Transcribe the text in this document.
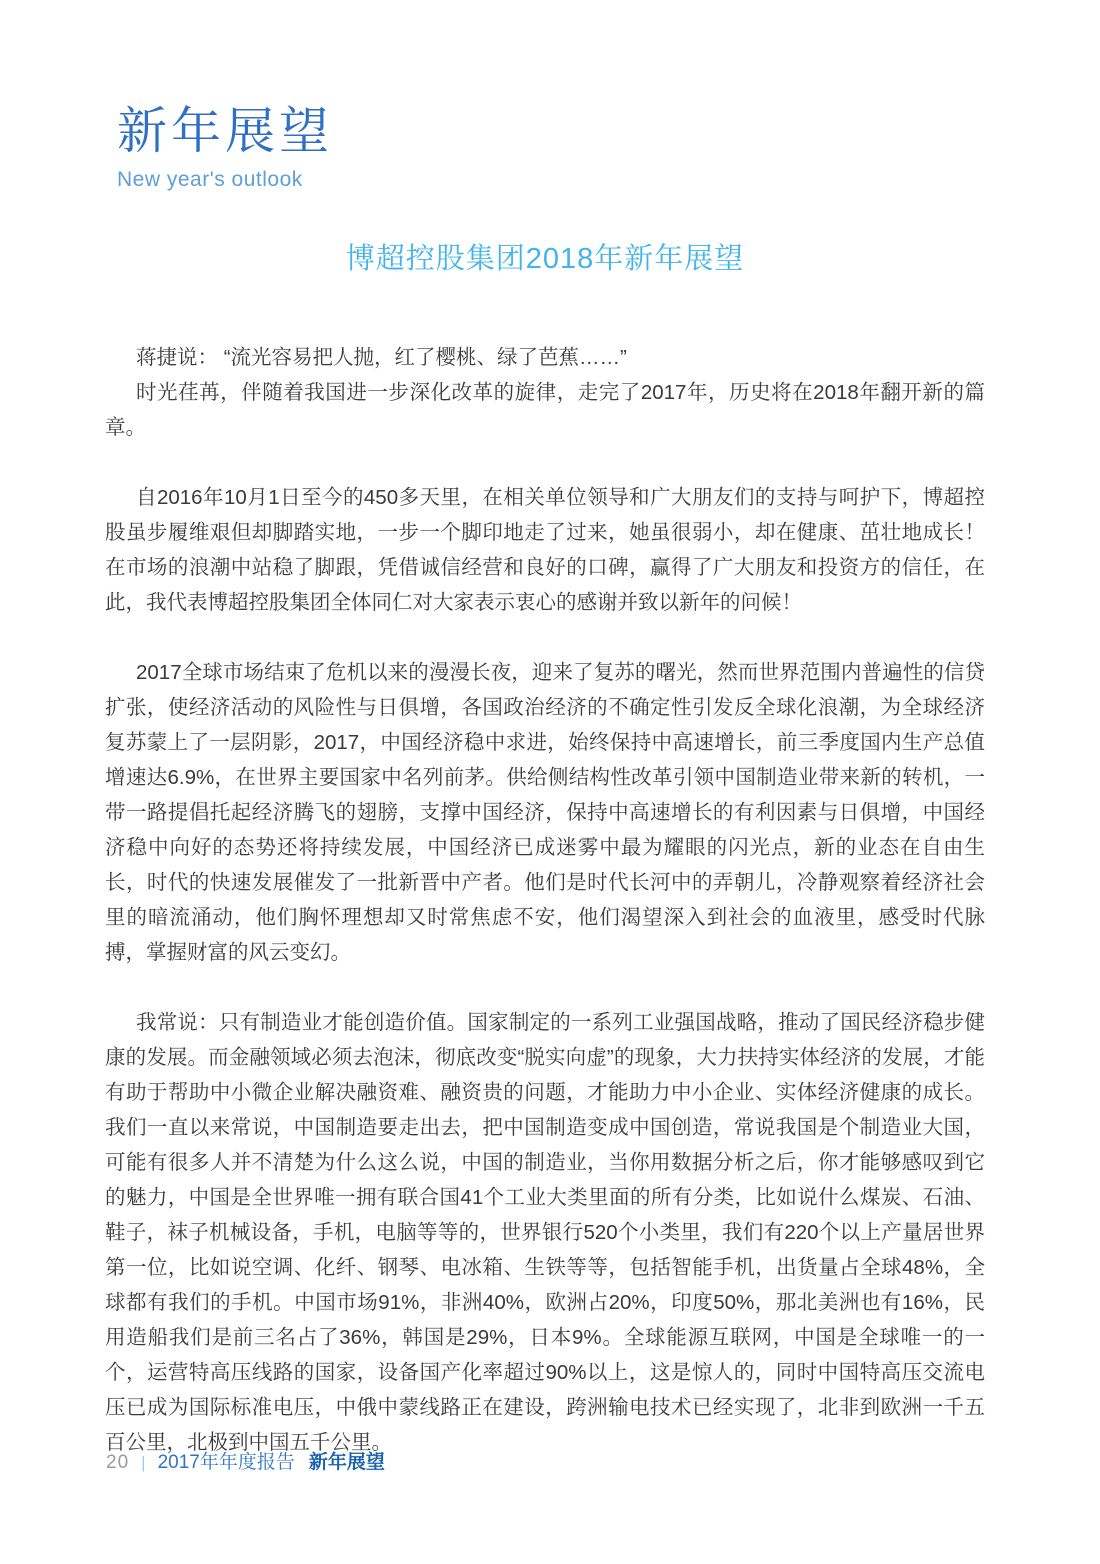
新年展望
New year's outlook
博超控股集团2018年新年展望

蒋捷说： “流光容易把人抛，红了樱桃、绿了芭蕉……”

时光荏苒，伴随着我国进一步深化改革的旋律，走完了2017年，历史将在2018年翻开新的篇章。

自2016年10月1日至今的450多天里，在相关单位领导和广大朋友们的支持与呵护下，博超控股虽步履维艰但却脚踏实地，一步一个脚印地走了过来，她虽很弱小，却在健康、茁壮地成长！在市场的浪潮中站稳了脚跟，凭借诚信经营和良好的口碑，赢得了广大朋友和投资方的信任，在此，我代表博超控股集团全体同仁对大家表示衷心的感谢并致以新年的问候！

2017全球市场结束了危机以来的漫漫长夜，迎来了复苏的曙光，然而世界范围内普遍性的信贷扩张，使经济活动的风险性与日俱增，各国政治经济的不确定性引发反全球化浪潮，为全球经济复苏蒙上了一层阴影，2017，中国经济稳中求进，始终保持中高速增长，前三季度国内生产总值增速达6.9%，在世界主要国家中名列前茅。供给侧结构性改革引领中国制造业带来新的转机，一带一路提倡托起经济腾飞的翅膀，支撑中国经济，保持中高速增长的有利因素与日俱增，中国经济稳中向好的态势还将持续发展，中国经济已成迷雾中最为耀眼的闪光点，新的业态在自由生长，时代的快速发展催发了一批新晋中产者。他们是时代长河中的弄朝儿，冷静观察着经济社会里的暗流涌动，他们胸怀理想却又时常焦虑不安，他们渴望深入到社会的血液里，感受时代脉搏，掌握财富的风云变幻。

我常说：只有制造业才能创造价值。国家制定的一系列工业强国战略，推动了国民经济稳步健康的发展。而金融领域必须去泡沫，彻底改变“脱实向虚”的现象，大力扶持实体经济的发展，才能有助于帮助中小微企业解决融资难、融资贵的问题，才能助力中小企业、实体经济健康的成长。我们一直以来常说，中国制造要走出去，把中国制造变成中国创造，常说我国是个制造业大国，可能有很多人并不清楚为什么这么说，中国的制造业，当你用数据分析之后，你才能够感叹到它的魅力，中国是全世界唯一拥有联合国41个工业大类里面的所有分类，比如说什么煤炭、石油、鞋子，袜子机械设备，手机，电脑等等的，世界银行520个小类里，我们有220个以上产量居世界第一位，比如说空调、化纤、钢琴、电冰箱、生铁等等，包括智能手机，出货量占全球48%，全球都有我们的手机。中国市场91%，非洲40%，欧洲占20%，印度50%，那北美洲也有16%，民用造船我们是前三名占了36%，韩国是29%，日本9%。全球能源互联网，中国是全球唯一的一个，运营特高压线路的国家，设备国产化率超过90%以上，这是惊人的，同时中国特高压交流电压已成为国际标准电压，中俄中蒙线路正在建设，跨洲输电技术已经实现了，北非到欧洲一千五百公里，北极到中国五千公里。

20 | 2017年年度报告 新年展望
